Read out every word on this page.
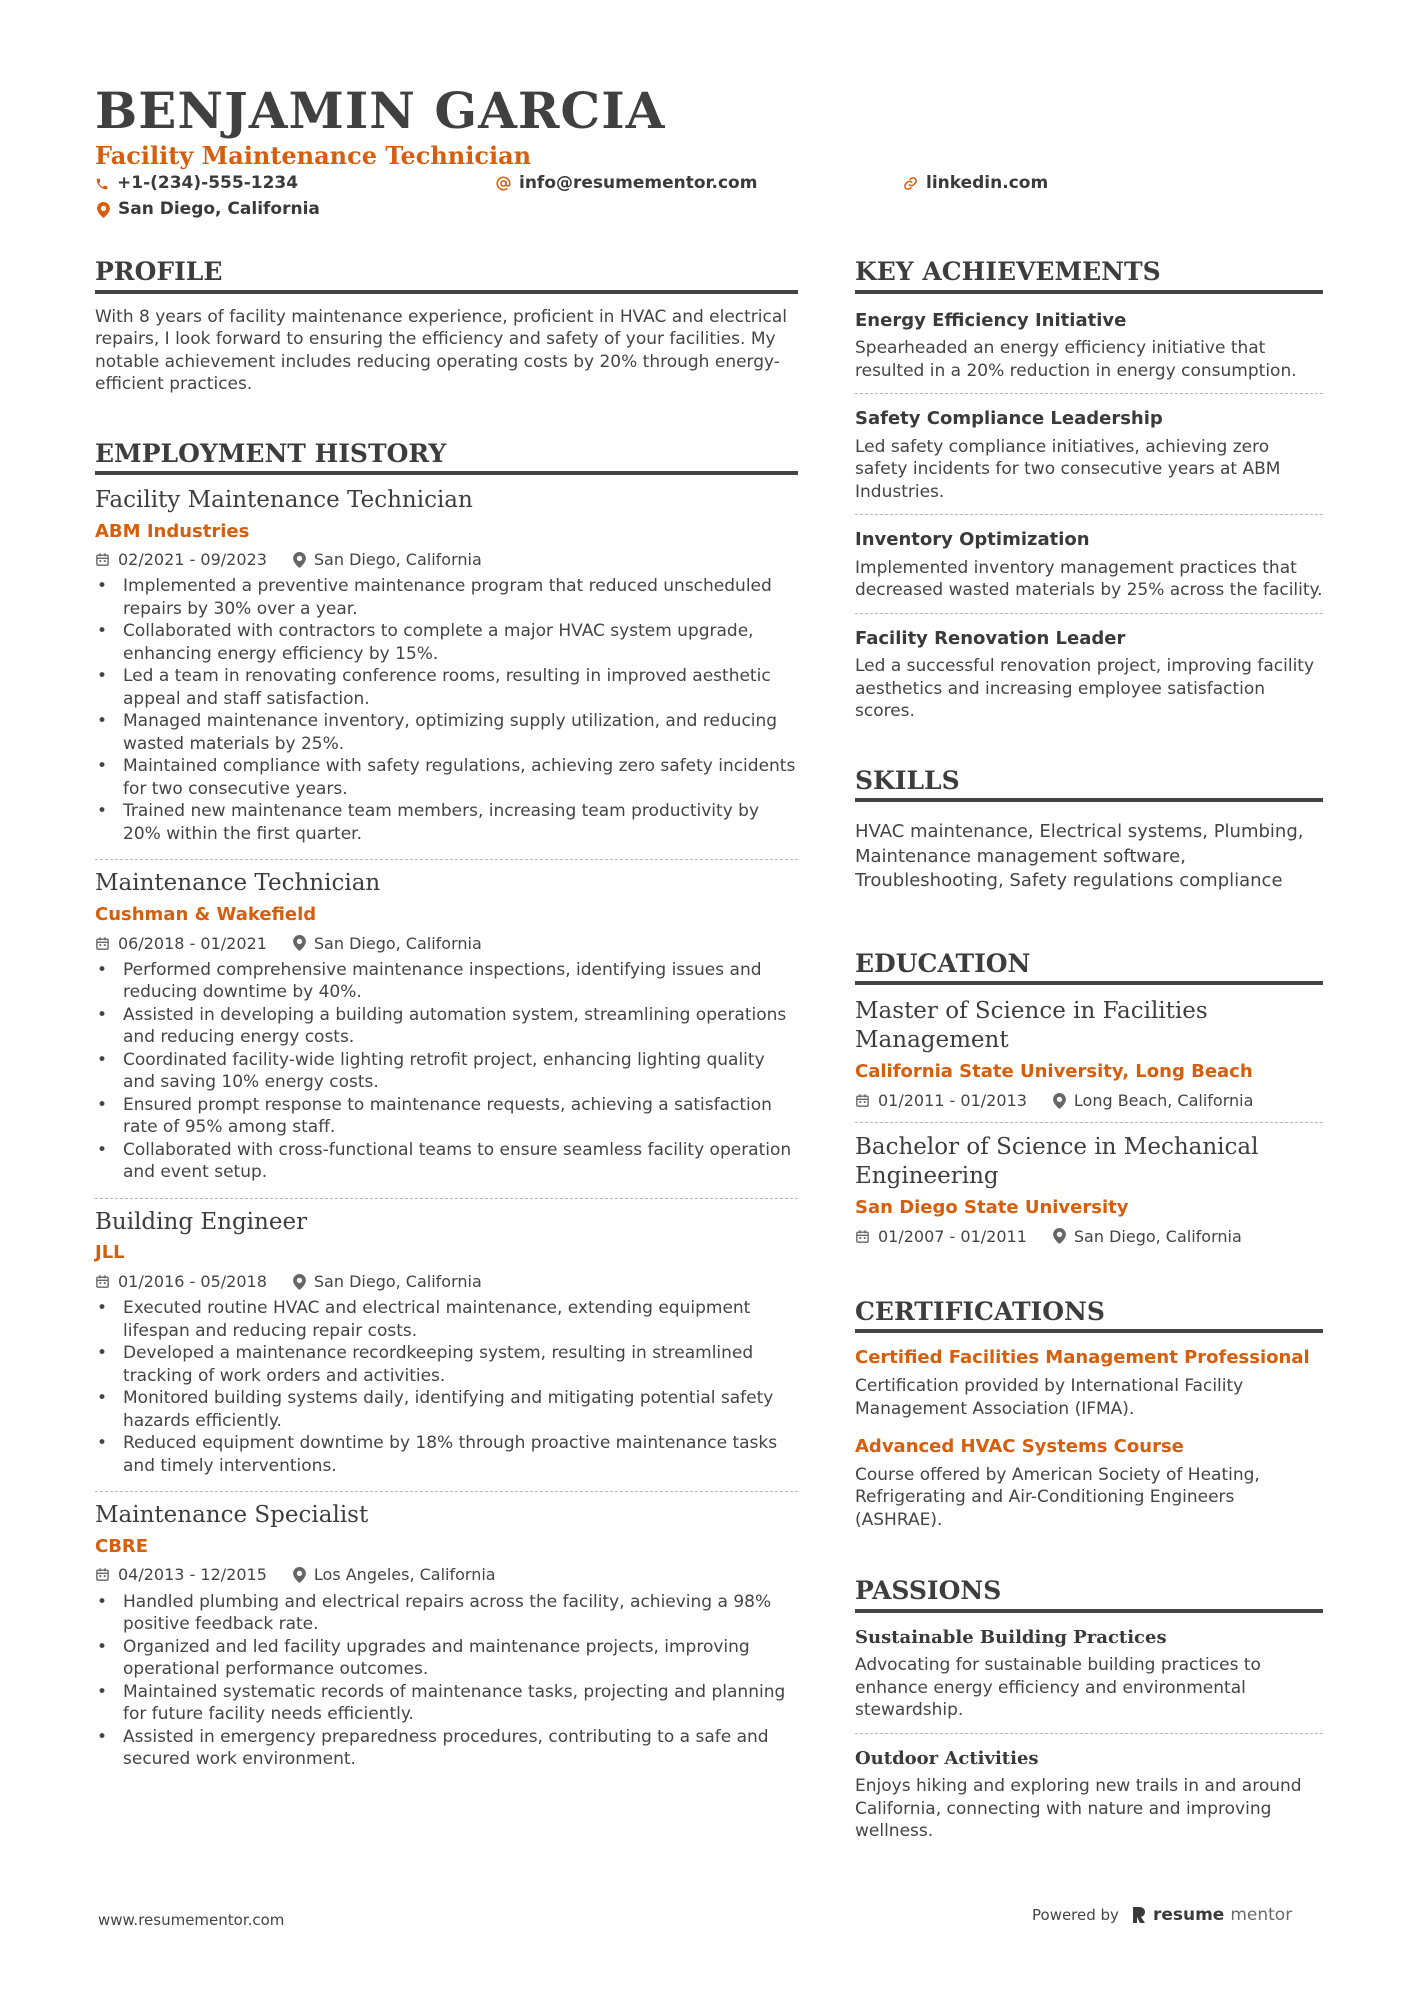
BENJAMIN GARCIA
Facility Maintenance Technician
+1-(234)-555-1234	info@resumementor.com	linkedin.com
San Diego, California
PROFILE
With 8 years of facility maintenance experience, proficient in HVAC and electrical repairs, I look forward to ensuring the efficiency and safety of your facilities. My notable achievement includes reducing operating costs by 20% through energy-efficient practices.
EMPLOYMENT HISTORY
Facility Maintenance Technician
ABM Industries
02/2021 - 09/2023	San Diego, California
• Implemented a preventive maintenance program that reduced unscheduled repairs by 30% over a year.
• Collaborated with contractors to complete a major HVAC system upgrade, enhancing energy efficiency by 15%.
• Led a team in renovating conference rooms, resulting in improved aesthetic appeal and staff satisfaction.
• Managed maintenance inventory, optimizing supply utilization, and reducing wasted materials by 25%.
• Maintained compliance with safety regulations, achieving zero safety incidents for two consecutive years.
• Trained new maintenance team members, increasing team productivity by 20% within the first quarter.
Maintenance Technician
Cushman & Wakefield
06/2018 - 01/2021	San Diego, California
• Performed comprehensive maintenance inspections, identifying issues and reducing downtime by 40%.
• Assisted in developing a building automation system, streamlining operations and reducing energy costs.
• Coordinated facility-wide lighting retrofit project, enhancing lighting quality and saving 10% energy costs.
• Ensured prompt response to maintenance requests, achieving a satisfaction rate of 95% among staff.
• Collaborated with cross-functional teams to ensure seamless facility operation and event setup.
Building Engineer
JLL
01/2016 - 05/2018	San Diego, California
• Executed routine HVAC and electrical maintenance, extending equipment lifespan and reducing repair costs.
• Developed a maintenance recordkeeping system, resulting in streamlined tracking of work orders and activities.
• Monitored building systems daily, identifying and mitigating potential safety hazards efficiently.
• Reduced equipment downtime by 18% through proactive maintenance tasks and timely interventions.
Maintenance Specialist
CBRE
04/2013 - 12/2015	Los Angeles, California
• Handled plumbing and electrical repairs across the facility, achieving a 98% positive feedback rate.
• Organized and led facility upgrades and maintenance projects, improving operational performance outcomes.
• Maintained systematic records of maintenance tasks, projecting and planning for future facility needs efficiently.
• Assisted in emergency preparedness procedures, contributing to a safe and secured work environment.
KEY ACHIEVEMENTS
Energy Efficiency Initiative
Spearheaded an energy efficiency initiative that resulted in a 20% reduction in energy consumption.
Safety Compliance Leadership
Led safety compliance initiatives, achieving zero safety incidents for two consecutive years at ABM Industries.
Inventory Optimization
Implemented inventory management practices that decreased wasted materials by 25% across the facility.
Facility Renovation Leader
Led a successful renovation project, improving facility aesthetics and increasing employee satisfaction scores.
SKILLS
HVAC maintenance, Electrical systems, Plumbing, Maintenance management software, Troubleshooting, Safety regulations compliance
EDUCATION
Master of Science in Facilities Management
California State University, Long Beach
01/2011 - 01/2013	Long Beach, California
Bachelor of Science in Mechanical Engineering
San Diego State University
01/2007 - 01/2011	San Diego, California
CERTIFICATIONS
Certified Facilities Management Professional
Certification provided by International Facility Management Association (IFMA).
Advanced HVAC Systems Course
Course offered by American Society of Heating, Refrigerating and Air-Conditioning Engineers (ASHRAE).
PASSIONS
Sustainable Building Practices
Advocating for sustainable building practices to enhance energy efficiency and environmental stewardship.
Outdoor Activities
Enjoys hiking and exploring new trails in and around California, connecting with nature and improving wellness.
www.resumementor.com	Powered by resume mentor
